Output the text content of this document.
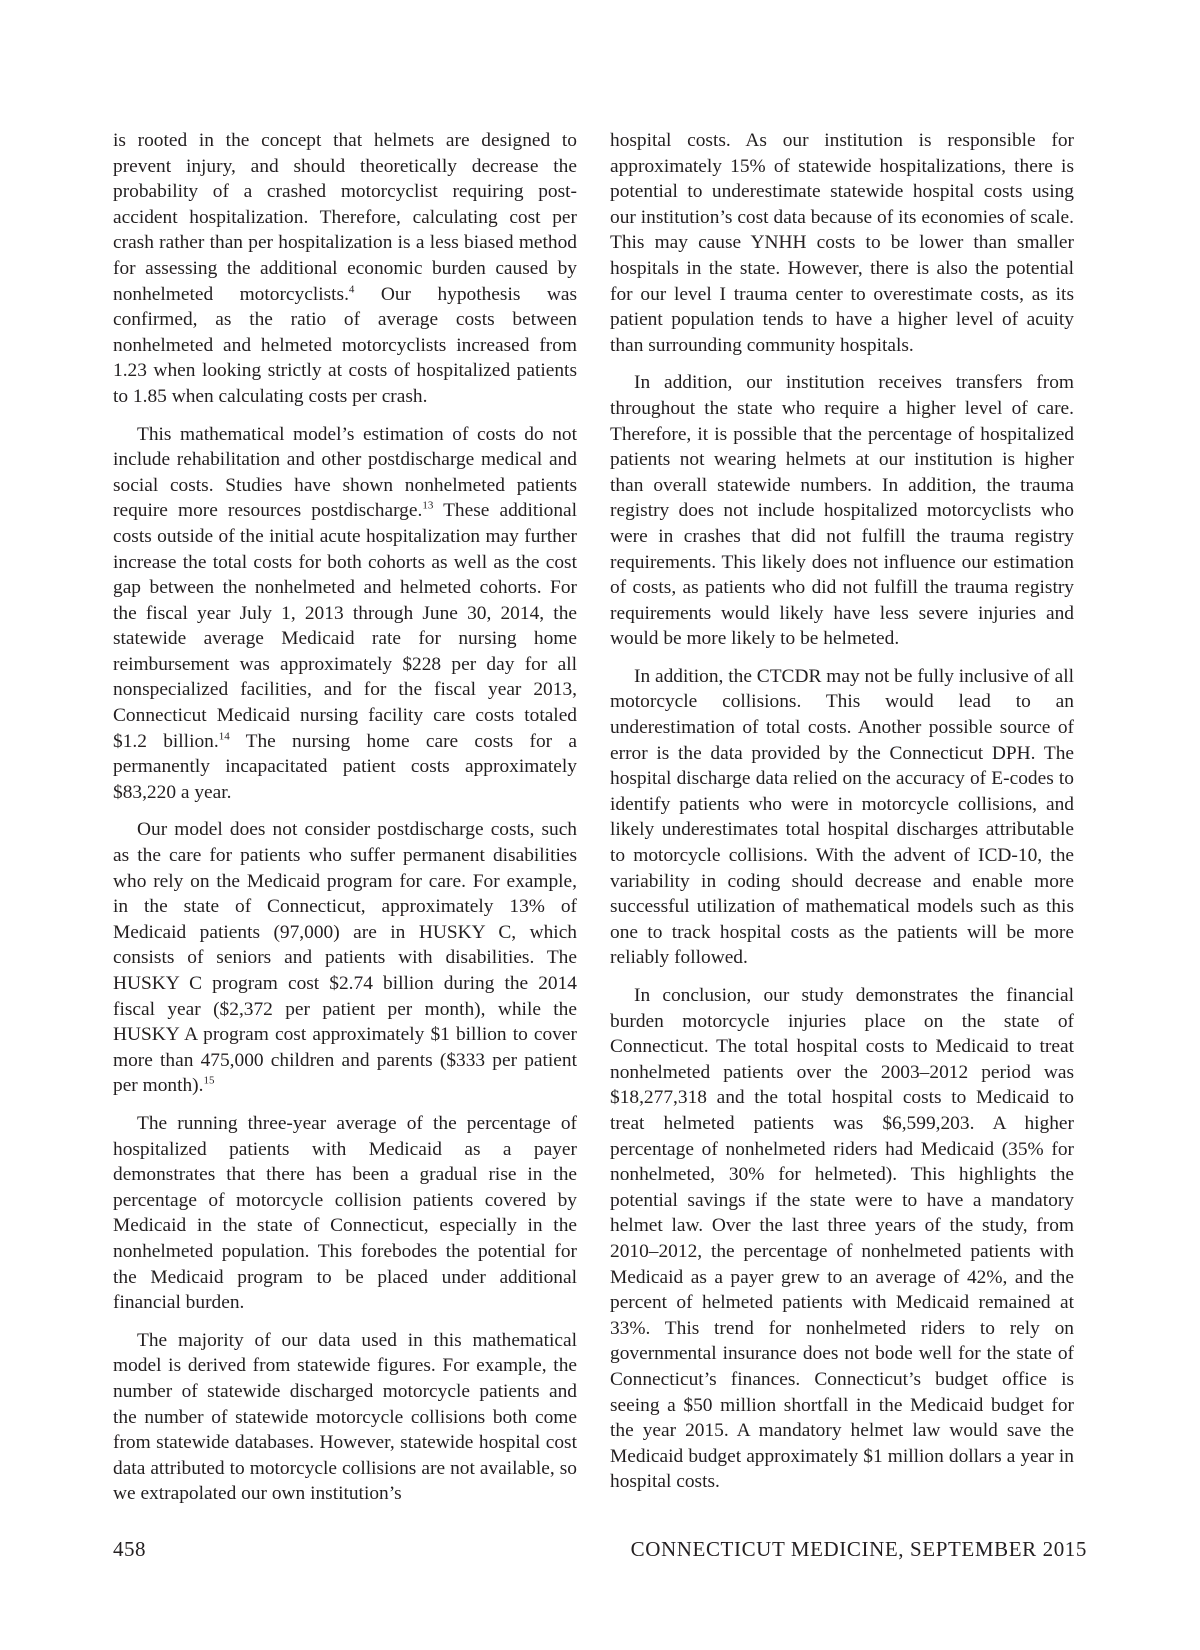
is rooted in the concept that helmets are designed to prevent injury, and should theoretically decrease the probability of a crashed motorcyclist requiring post-accident hospitalization. Therefore, calculating cost per crash rather than per hospitalization is a less biased method for assessing the additional economic burden caused by nonhelmeted motorcyclists.$^4$ Our hypothesis was confirmed, as the ratio of average costs between nonhelmeted and helmeted motorcyclists increased from 1.23 when looking strictly at costs of hospitalized patients to 1.85 when calculating costs per crash.

This mathematical model’s estimation of costs do not include rehabilitation and other postdischarge medical and social costs. Studies have shown nonhelmeted patients require more resources postdischarge.$^{13}$ These additional costs outside of the initial acute hospitalization may further increase the total costs for both cohorts as well as the cost gap between the nonhelmeted and helmeted cohorts. For the fiscal year July 1, 2013 through June 30, 2014, the statewide average Medicaid rate for nursing home reimbursement was approximately $228 per day for all nonspecialized facilities, and for the fiscal year 2013, Connecticut Medicaid nursing facility care costs totaled $1.2 billion.$^{14}$ The nursing home care costs for a permanently incapacitated patient costs approximately $83,220 a year.

Our model does not consider postdischarge costs, such as the care for patients who suffer permanent disabilities who rely on the Medicaid program for care. For example, in the state of Connecticut, approximately 13% of Medicaid patients (97,000) are in HUSKY C, which consists of seniors and patients with disabilities. The HUSKY C program cost $2.74 billion during the 2014 fiscal year ($2,372 per patient per month), while the HUSKY A program cost approximately $1 billion to cover more than 475,000 children and parents ($333 per patient per month).$^{15}$

The running three-year average of the percentage of hospitalized patients with Medicaid as a payer demonstrates that there has been a gradual rise in the percentage of motorcycle collision patients covered by Medicaid in the state of Connecticut, especially in the nonhelmeted population. This forebodes the potential for the Medicaid program to be placed under additional financial burden.

The majority of our data used in this mathematical model is derived from statewide figures. For example, the number of statewide discharged motorcycle patients and the number of statewide motorcycle collisions both come from statewide databases. However, statewide hospital cost data attributed to motorcycle collisions are not available, so we extrapolated our own institution’s

hospital costs. As our institution is responsible for approximately 15% of statewide hospitalizations, there is potential to underestimate statewide hospital costs using our institution’s cost data because of its economies of scale. This may cause YNHH costs to be lower than smaller hospitals in the state. However, there is also the potential for our level I trauma center to overestimate costs, as its patient population tends to have a higher level of acuity than surrounding community hospitals.

In addition, our institution receives transfers from throughout the state who require a higher level of care. Therefore, it is possible that the percentage of hospitalized patients not wearing helmets at our institution is higher than overall statewide numbers. In addition, the trauma registry does not include hospitalized motorcyclists who were in crashes that did not fulfill the trauma registry requirements. This likely does not influence our estimation of costs, as patients who did not fulfill the trauma registry requirements would likely have less severe injuries and would be more likely to be helmeted.

In addition, the CTCDR may not be fully inclusive of all motorcycle collisions. This would lead to an underestimation of total costs. Another possible source of error is the data provided by the Connecticut DPH. The hospital discharge data relied on the accuracy of E-codes to identify patients who were in motorcycle collisions, and likely underestimates total hospital discharges attributable to motorcycle collisions. With the advent of ICD-10, the variability in coding should decrease and enable more successful utilization of mathematical models such as this one to track hospital costs as the patients will be more reliably followed.

In conclusion, our study demonstrates the financial burden motorcycle injuries place on the state of Connecticut. The total hospital costs to Medicaid to treat nonhelmeted patients over the 2003–2012 period was $18,277,318 and the total hospital costs to Medicaid to treat helmeted patients was $6,599,203. A higher percentage of nonhelmeted riders had Medicaid (35% for nonhelmeted, 30% for helmeted). This highlights the potential savings if the state were to have a mandatory helmet law. Over the last three years of the study, from 2010–2012, the percentage of nonhelmeted patients with Medicaid as a payer grew to an average of 42%, and the percent of helmeted patients with Medicaid remained at 33%. This trend for nonhelmeted riders to rely on governmental insurance does not bode well for the state of Connecticut’s finances. Connecticut’s budget office is seeing a $50 million shortfall in the Medicaid budget for the year 2015. A mandatory helmet law would save the Medicaid budget approximately $1 million dollars a year in hospital costs.

458	CONNECTICUT MEDICINE, SEPTEMBER 2015
